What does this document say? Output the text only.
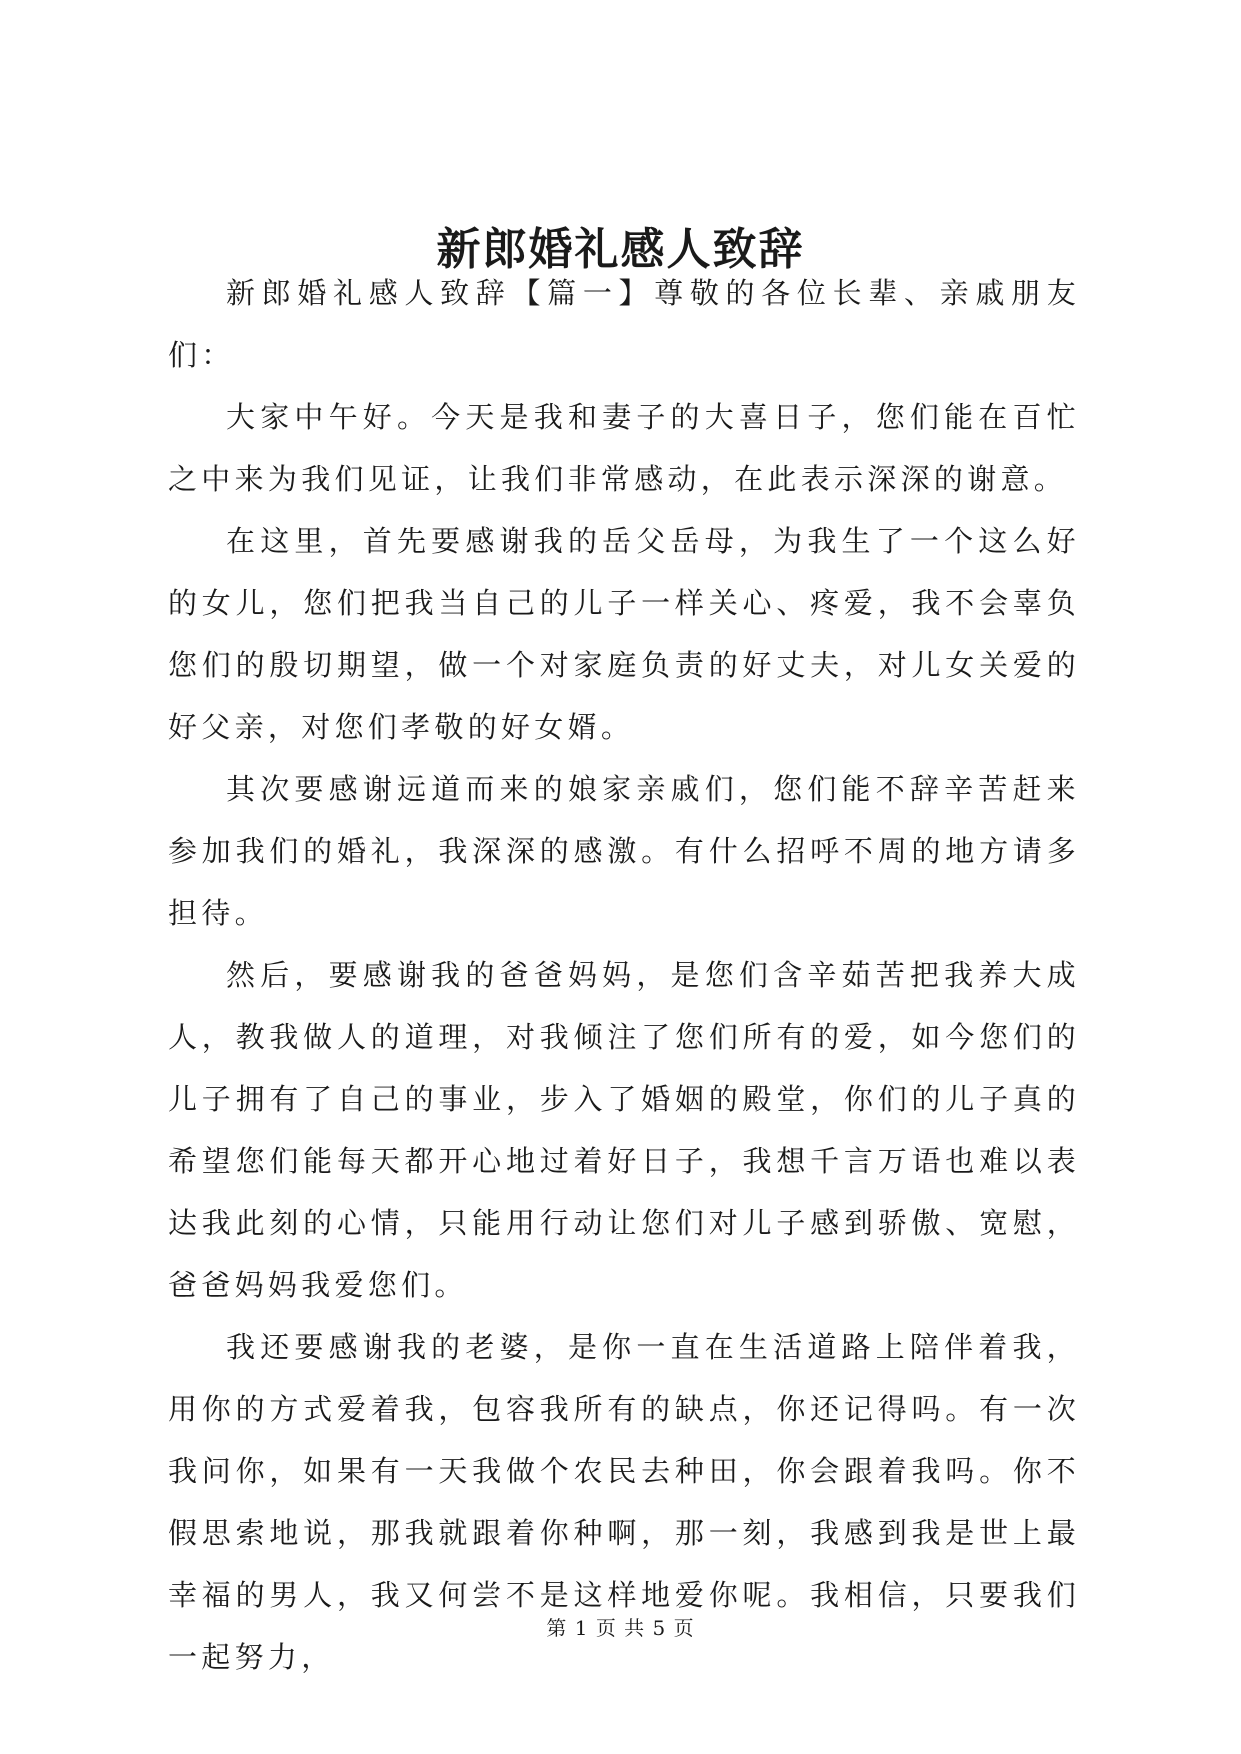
新郎婚礼感人致辞

新郎婚礼感人致辞【篇一】尊敬的各位长辈、亲戚朋友们：

大家中午好。今天是我和妻子的大喜日子，您们能在百忙之中来为我们见证，让我们非常感动，在此表示深深的谢意。

在这里，首先要感谢我的岳父岳母，为我生了一个这么好的女儿，您们把我当自己的儿子一样关心、疼爱，我不会辜负您们的殷切期望，做一个对家庭负责的好丈夫，对儿女关爱的好父亲，对您们孝敬的好女婿。

其次要感谢远道而来的娘家亲戚们，您们能不辞辛苦赶来参加我们的婚礼，我深深的感激。有什么招呼不周的地方请多担待。

然后，要感谢我的爸爸妈妈，是您们含辛茹苦把我养大成人，教我做人的道理，对我倾注了您们所有的爱，如今您们的儿子拥有了自己的事业，步入了婚姻的殿堂，你们的儿子真的希望您们能每天都开心地过着好日子，我想千言万语也难以表达我此刻的心情，只能用行动让您们对儿子感到骄傲、宽慰，爸爸妈妈我爱您们。

我还要感谢我的老婆，是你一直在生活道路上陪伴着我，用你的方式爱着我，包容我所有的缺点，你还记得吗。有一次我问你，如果有一天我做个农民去种田，你会跟着我吗。你不假思索地说，那我就跟着你种啊，那一刻，我感到我是世上最幸福的男人，我又何尝不是这样地爱你呢。我相信，只要我们一起努力，

第 1 页 共 5 页
